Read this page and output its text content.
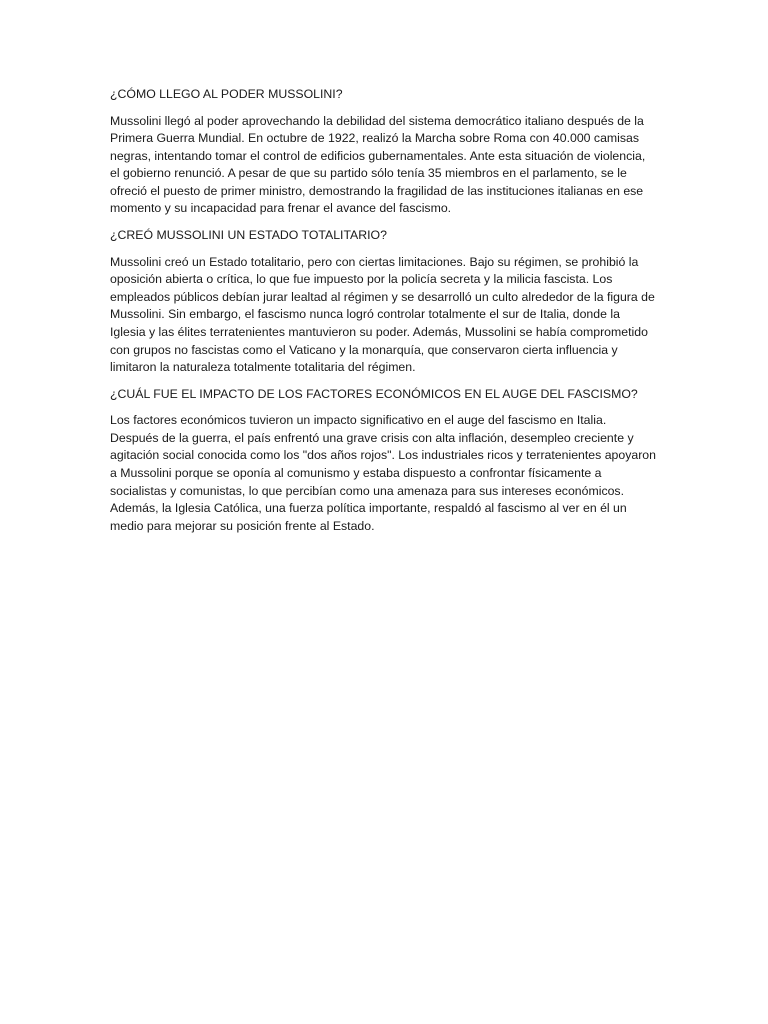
¿CÓMO LLEGO AL PODER MUSSOLINI?

Mussolini llegó al poder aprovechando la debilidad del sistema democrático italiano después de la Primera Guerra Mundial. En octubre de 1922, realizó la Marcha sobre Roma con 40.000 camisas negras, intentando tomar el control de edificios gubernamentales. Ante esta situación de violencia, el gobierno renunció. A pesar de que su partido sólo tenía 35 miembros en el parlamento, se le ofreció el puesto de primer ministro, demostrando la fragilidad de las instituciones italianas en ese momento y su incapacidad para frenar el avance del fascismo.

¿CREÓ MUSSOLINI UN ESTADO TOTALITARIO?

Mussolini creó un Estado totalitario, pero con ciertas limitaciones. Bajo su régimen, se prohibió la oposición abierta o crítica, lo que fue impuesto por la policía secreta y la milicia fascista. Los empleados públicos debían jurar lealtad al régimen y se desarrolló un culto alrededor de la figura de Mussolini. Sin embargo, el fascismo nunca logró controlar totalmente el sur de Italia, donde la Iglesia y las élites terratenientes mantuvieron su poder. Además, Mussolini se había comprometido con grupos no fascistas como el Vaticano y la monarquía, que conservaron cierta influencia y limitaron la naturaleza totalmente totalitaria del régimen.

¿CUÁL FUE EL IMPACTO DE LOS FACTORES ECONÓMICOS EN EL AUGE DEL FASCISMO?

Los factores económicos tuvieron un impacto significativo en el auge del fascismo en Italia. Después de la guerra, el país enfrentó una grave crisis con alta inflación, desempleo creciente y agitación social conocida como los "dos años rojos". Los industriales ricos y terratenientes apoyaron a Mussolini porque se oponía al comunismo y estaba dispuesto a confrontar físicamente a socialistas y comunistas, lo que percibían como una amenaza para sus intereses económicos. Además, la Iglesia Católica, una fuerza política importante, respaldó al fascismo al ver en él un medio para mejorar su posición frente al Estado.
